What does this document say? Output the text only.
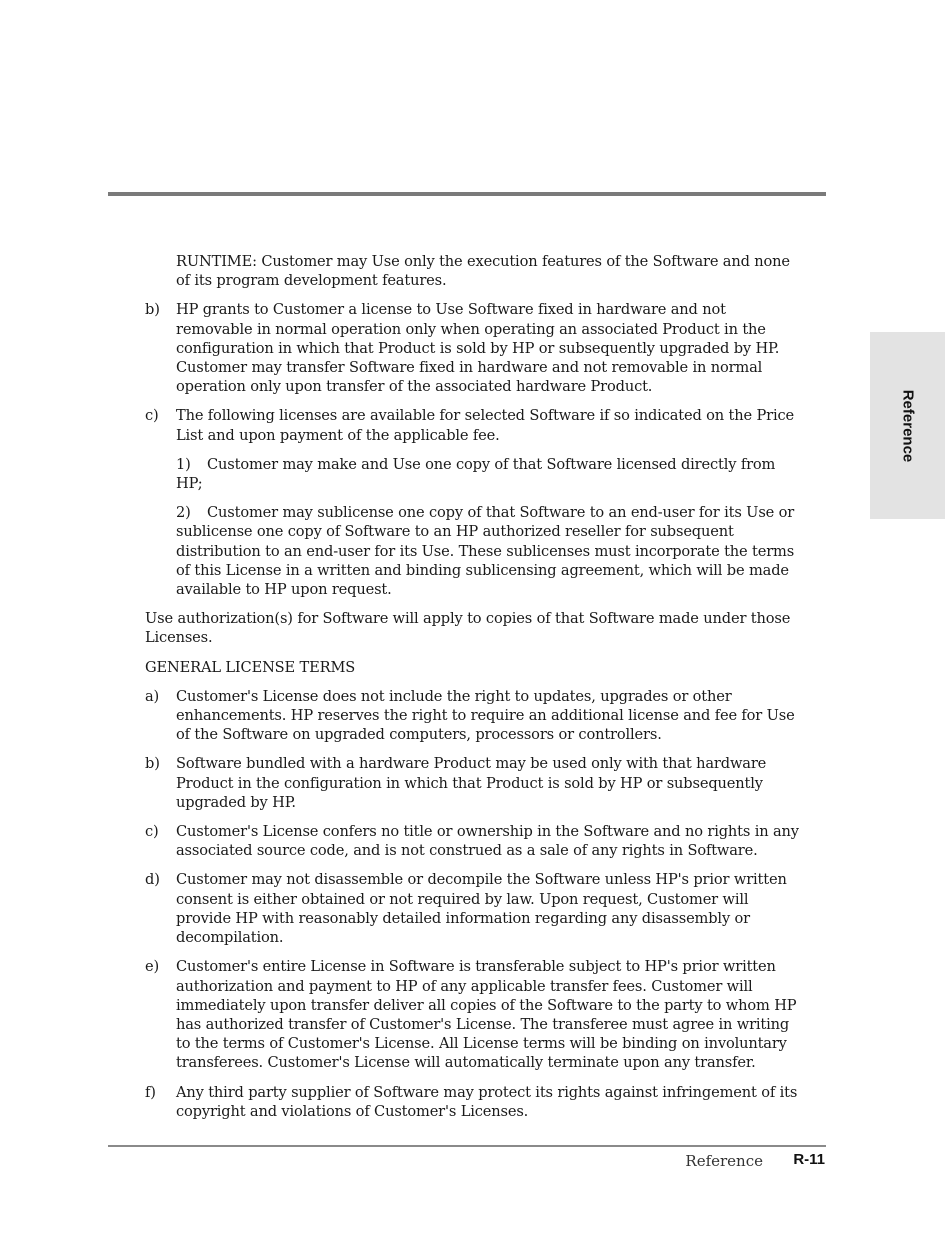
Reference

RUNTIME: Customer may Use only the execution features of the Software and none of its program development features.

b)	HP grants to Customer a license to Use Software fixed in hardware and not removable in normal operation only when operating an associated Product in the configuration in which that Product is sold by HP or subsequently upgraded by HP. Customer may transfer Software fixed in hardware and not removable in normal operation only upon transfer of the associated hardware Product.
c)	The following licenses are available for selected Software if so indicated on the Price List and upon payment of the applicable fee.

1) Customer may make and Use one copy of that Software licensed directly from HP;

2) Customer may sublicense one copy of that Software to an end-user for its Use or sublicense one copy of Software to an HP authorized reseller for subsequent distribution to an end-user for its Use. These sublicenses must incorporate the terms of this License in a written and binding sublicensing agreement, which will be made available to HP upon request.

Use authorization(s) for Software will apply to copies of that Software made under those Licenses.

GENERAL LICENSE TERMS

a)	Customer's License does not include the right to updates, upgrades or other enhancements. HP reserves the right to require an additional license and fee for Use of the Software on upgraded computers, processors or controllers.
b)	Software bundled with a hardware Product may be used only with that hardware Product in the configuration in which that Product is sold by HP or subsequently upgraded by HP.
c)	Customer's License confers no title or ownership in the Software and no rights in any associated source code, and is not construed as a sale of any rights in Software.
d)	Customer may not disassemble or decompile the Software unless HP's prior written consent is either obtained or not required by law. Upon request, Customer will provide HP with reasonably detailed information regarding any disassembly or decompilation.
e)	Customer's entire License in Software is transferable subject to HP's prior written authorization and payment to HP of any applicable transfer fees. Customer will immediately upon transfer deliver all copies of the Software to the party to whom HP has authorized transfer of Customer's License. The transferee must agree in writing to the terms of Customer's License. All License terms will be binding on involuntary transferees. Customer's License will automatically terminate upon any transfer.
f)	Any third party supplier of Software may protect its rights against infringement of its copyright and violations of Customer's Licenses.
Reference R-11
